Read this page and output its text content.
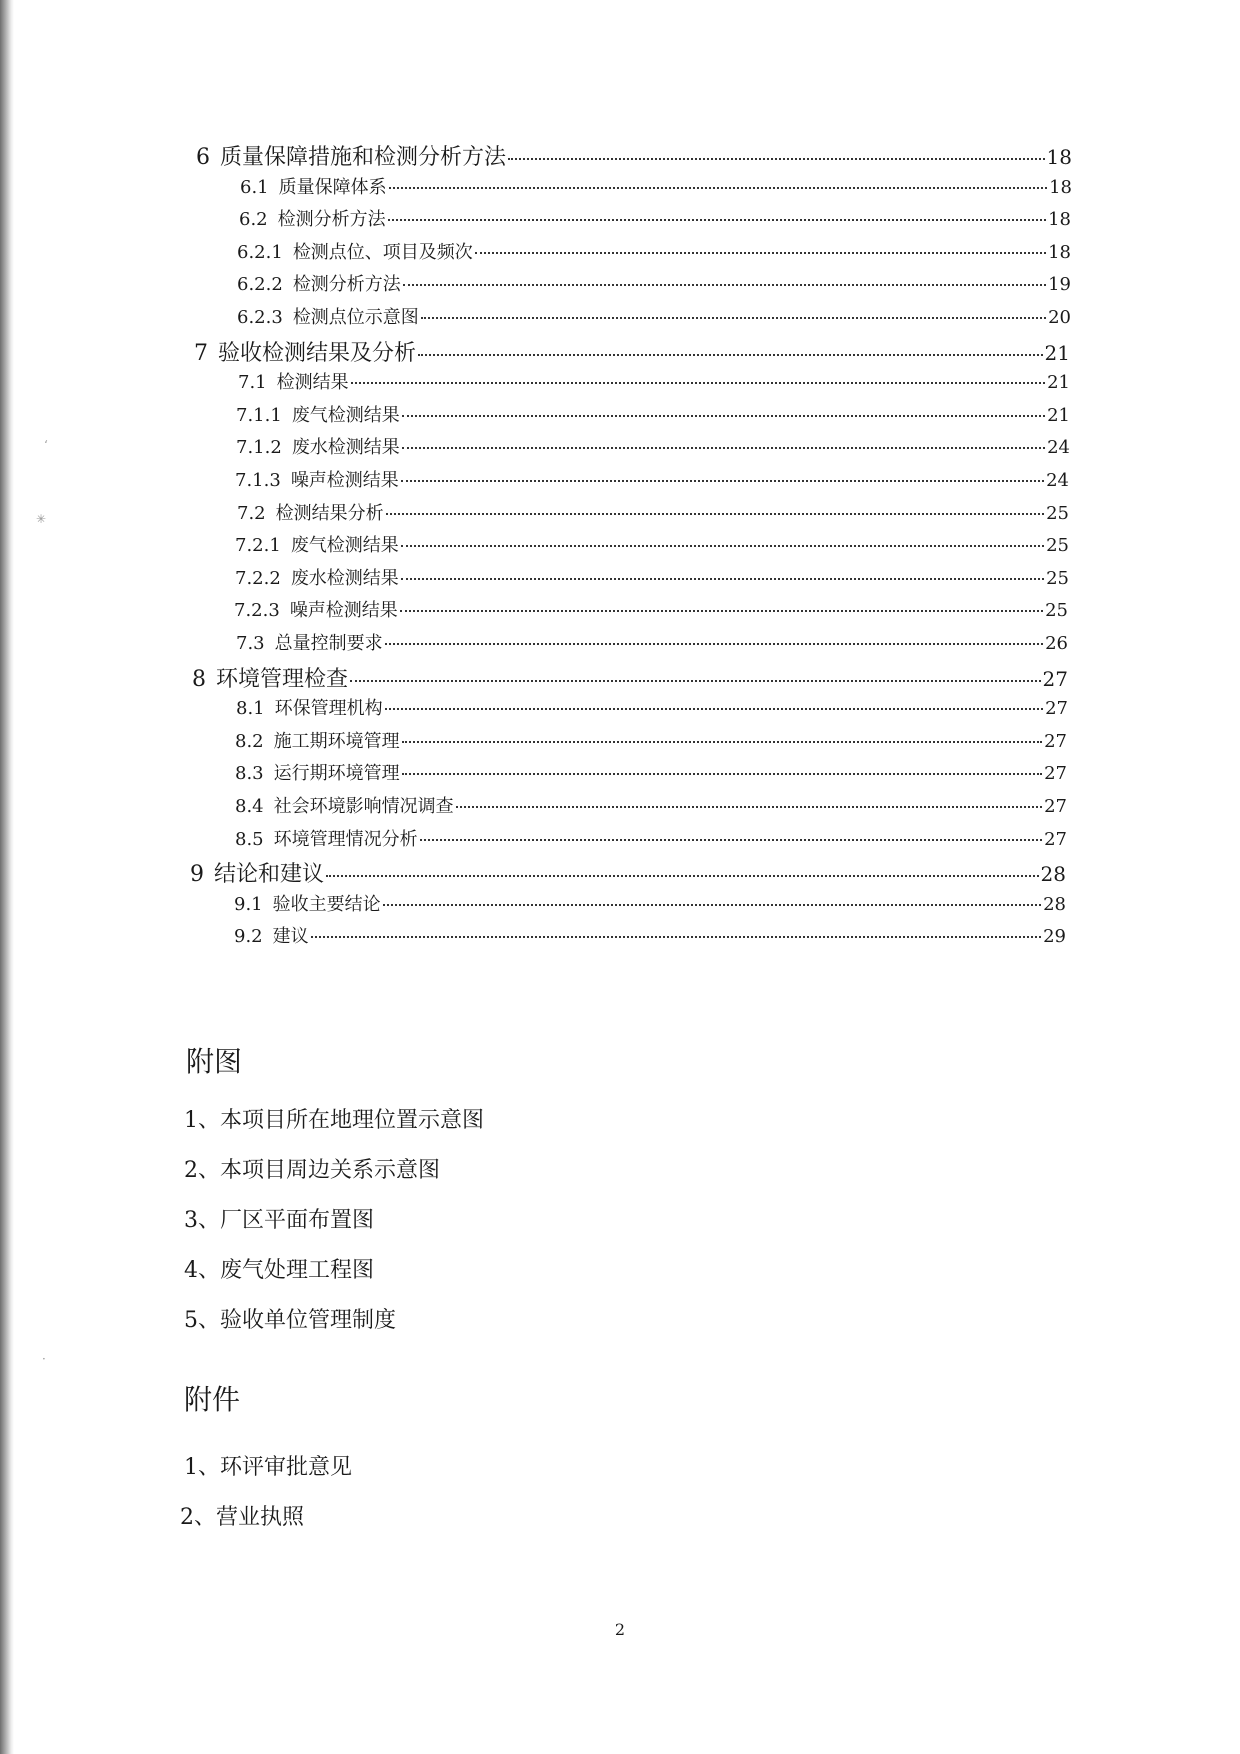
6 质量保障措施和检测分析方法	18
6.1 质量保障体系	18
6.2 检测分析方法	18
6.2.1 检测点位、项目及频次	18
6.2.2 检测分析方法	19
6.2.3 检测点位示意图	20
7 验收检测结果及分析	21
7.1 检测结果	21
7.1.1 废气检测结果	21
7.1.2 废水检测结果	24
7.1.3 噪声检测结果	24
7.2 检测结果分析	25
7.2.1 废气检测结果	25
7.2.2 废水检测结果	25
7.2.3 噪声检测结果	25
7.3 总量控制要求	26
8 环境管理检查	27
8.1 环保管理机构	27
8.2 施工期环境管理	27
8.3 运行期环境管理	27
8.4 社会环境影响情况调查	27
8.5 环境管理情况分析	27
9 结论和建议	28
9.1 验收主要结论	28
9.2 建议	29
附图
1、本项目所在地理位置示意图
2、本项目周边关系示意图
3、厂区平面布置图
4、废气处理工程图
5、验收单位管理制度
附件
1、环评审批意见
2、营业执照
2
ʻ
✳
·
